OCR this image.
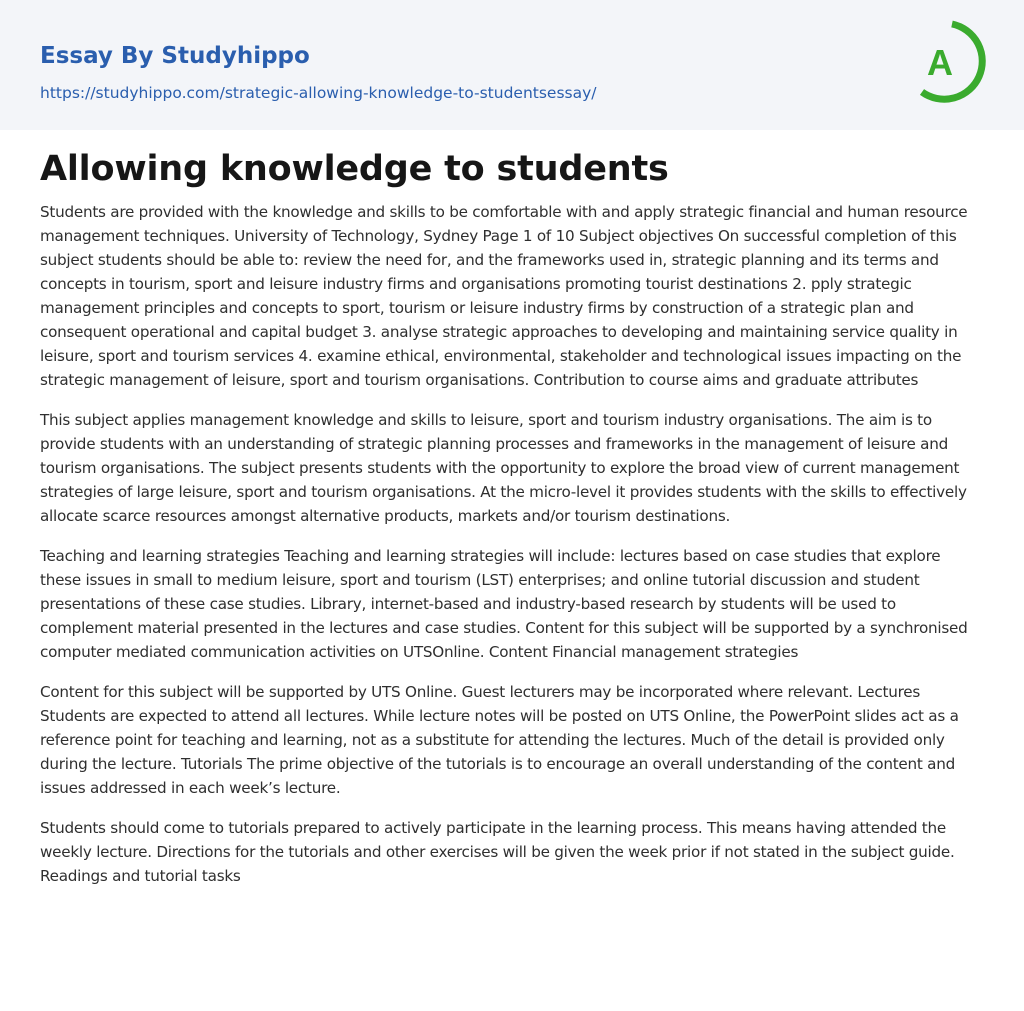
Essay By Studyhippo
https://studyhippo.com/strategic-allowing-knowledge-to-studentsessay/
A
Allowing knowledge to students

Students are provided with the knowledge and skills to be comfortable with and apply strategic financial and human resource management techniques. University of Technology, Sydney Page 1 of 10 Subject objectives On successful completion of this subject students should be able to: review the need for, and the frameworks used in, strategic planning and its terms and concepts in tourism, sport and leisure industry firms and organisations promoting tourist destinations 2. pply strategic management principles and concepts to sport, tourism or leisure industry firms by construction of a strategic plan and consequent operational and capital budget 3. analyse strategic approaches to developing and maintaining service quality in leisure, sport and tourism services 4. examine ethical, environmental, stakeholder and technological issues impacting on the strategic management of leisure, sport and tourism organisations. Contribution to course aims and graduate attributes

This subject applies management knowledge and skills to leisure, sport and tourism industry organisations. The aim is to provide students with an understanding of strategic planning processes and frameworks in the management of leisure and tourism organisations. The subject presents students with the opportunity to explore the broad view of current management strategies of large leisure, sport and tourism organisations. At the micro-level it provides students with the skills to effectively allocate scarce resources amongst alternative products, markets and/or tourism destinations.

Teaching and learning strategies Teaching and learning strategies will include: lectures based on case studies that explore these issues in small to medium leisure, sport and tourism (LST) enterprises; and online tutorial discussion and student presentations of these case studies. Library, internet-based and industry-based research by students will be used to complement material presented in the lectures and case studies. Content for this subject will be supported by a synchronised computer mediated communication activities on UTSOnline. Content Financial management strategies

Content for this subject will be supported by UTS Online. Guest lecturers may be incorporated where relevant. Lectures Students are expected to attend all lectures. While lecture notes will be posted on UTS Online, the PowerPoint slides act as a reference point for teaching and learning, not as a substitute for attending the lectures. Much of the detail is provided only during the lecture. Tutorials The prime objective of the tutorials is to encourage an overall understanding of the content and issues addressed in each week’s lecture.

Students should come to tutorials prepared to actively participate in the learning process. This means having attended the weekly lecture. Directions for the tutorials and other exercises will be given the week prior if not stated in the subject guide. Readings and tutorial tasks
